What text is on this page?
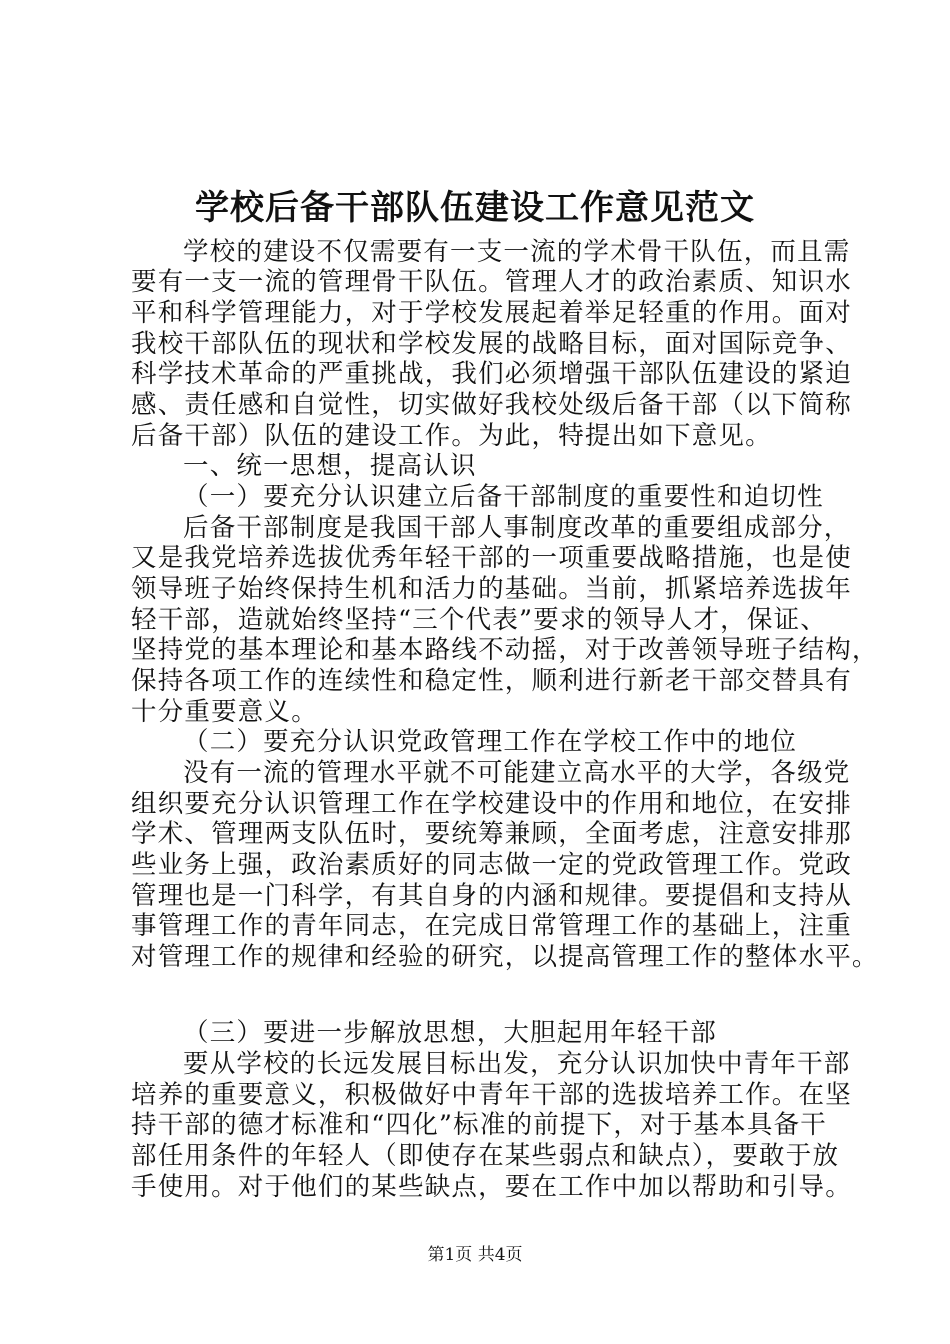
学校后备干部队伍建设工作意见范文
学校的建设不仅需要有一支一流的学术骨干队伍，而且需
要有一支一流的管理骨干队伍。管理人才的政治素质、知识水
平和科学管理能力，对于学校发展起着举足轻重的作用。面对
我校干部队伍的现状和学校发展的战略目标，面对国际竞争、
科学技术革命的严重挑战，我们必须增强干部队伍建设的紧迫
感、责任感和自觉性，切实做好我校处级后备干部（以下简称
后备干部）队伍的建设工作。为此，特提出如下意见。
一、统一思想，提高认识
（一）要充分认识建立后备干部制度的重要性和迫切性
后备干部制度是我国干部人事制度改革的重要组成部分，
又是我党培养选拔优秀年轻干部的一项重要战略措施，也是使
领导班子始终保持生机和活力的基础。当前，抓紧培养选拔年
轻干部，造就始终坚持“三个代表”要求的领导人才，保证、
坚持党的基本理论和基本路线不动摇，对于改善领导班子结构，
保持各项工作的连续性和稳定性，顺利进行新老干部交替具有
十分重要意义。
（二）要充分认识党政管理工作在学校工作中的地位
没有一流的管理水平就不可能建立高水平的大学，各级党
组织要充分认识管理工作在学校建设中的作用和地位，在安排
学术、管理两支队伍时，要统筹兼顾，全面考虑，注意安排那
些业务上强，政治素质好的同志做一定的党政管理工作。党政
管理也是一门科学，有其自身的内涵和规律。要提倡和支持从
事管理工作的青年同志，在完成日常管理工作的基础上，注重
对管理工作的规律和经验的研究，以提高管理工作的整体水平。
（三）要进一步解放思想，大胆起用年轻干部
要从学校的长远发展目标出发，充分认识加快中青年干部
培养的重要意义，积极做好中青年干部的选拔培养工作。在坚
持干部的德才标准和“四化”标准的前提下，对于基本具备干
部任用条件的年轻人（即使存在某些弱点和缺点），要敢于放
手使用。对于他们的某些缺点，要在工作中加以帮助和引导。
第1页 共4页
